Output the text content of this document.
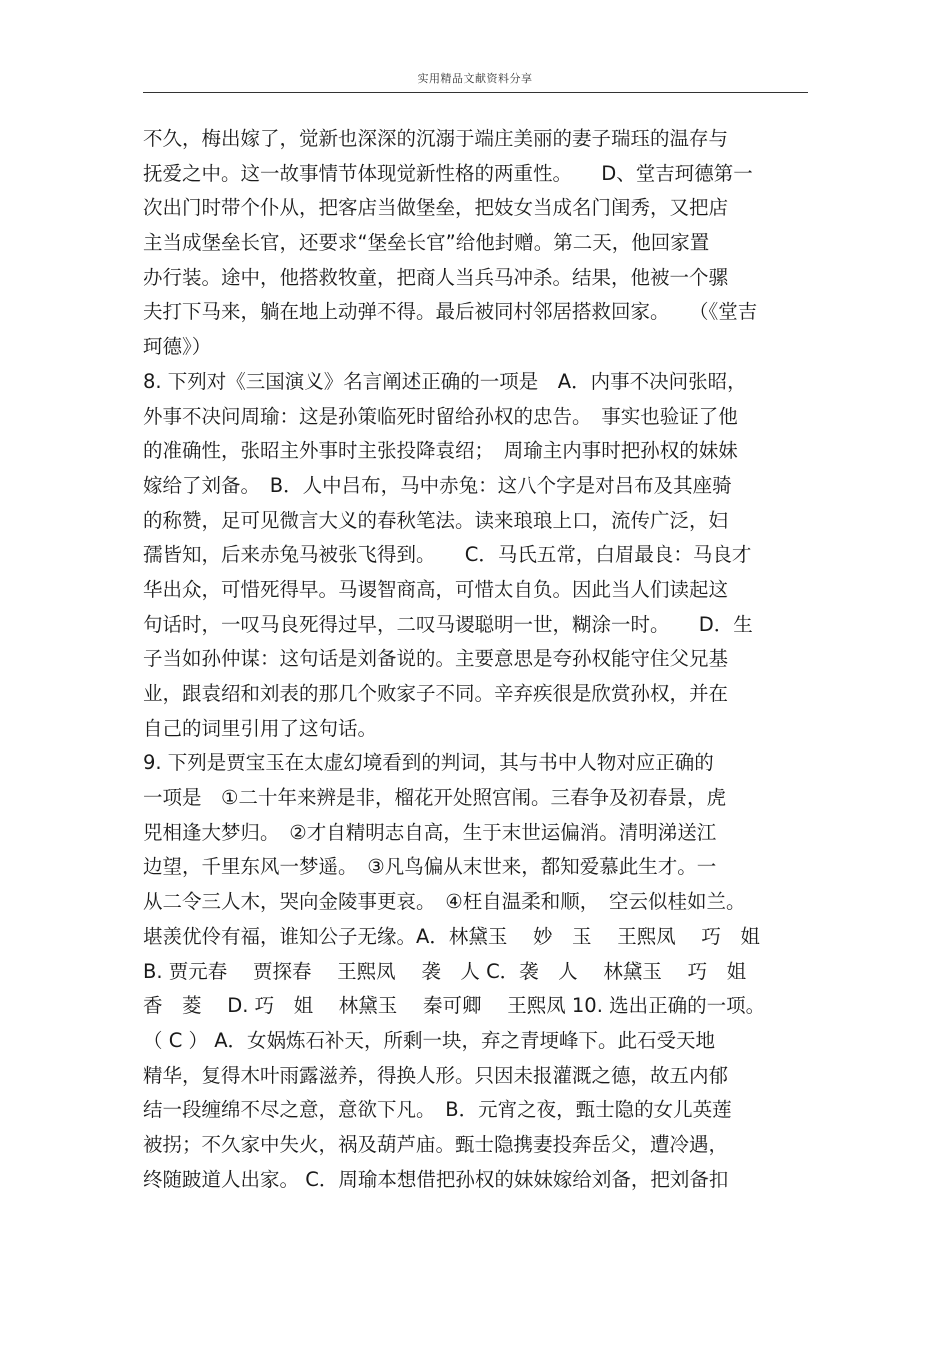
实用精品文献资料分享
不久，梅出嫁了，觉新也深深的沉溺于端庄美丽的妻子瑞珏的温存与
抚爱之中。这一故事情节体现觉新性格的两重性。　　D、堂吉珂德第一
次出门时带个仆从，把客店当做堡垒，把妓女当成名门闺秀，又把店
主当成堡垒长官，还要求“堡垒长官”给他封赠。第二天，他回家置
办行装。途中，他搭救牧童，把商人当兵马冲杀。结果，他被一个骡
夫打下马来，躺在地上动弹不得。最后被同村邻居搭救回家。　　（《堂吉
珂德》）
8. 下列对《三国演义》名言阐述正确的一项是　A．内事不决问张昭，
外事不决问周瑜：这是孙策临死时留给孙权的忠告。　事实也验证了他
的准确性，张昭主外事时主张投降袁绍；　周瑜主内事时把孙权的妹妹
嫁给了刘备。　B．人中吕布，马中赤兔：这八个字是对吕布及其座骑
的称赞，足可见微言大义的春秋笔法。读来琅琅上口，流传广泛，妇
孺皆知，后来赤兔马被张飞得到。　　C．马氏五常，白眉最良：马良才
华出众，可惜死得早。马谡智商高，可惜太自负。因此当人们读起这
句话时，一叹马良死得过早，二叹马谡聪明一世，糊涂一时。　　D．生
子当如孙仲谋：这句话是刘备说的。主要意思是夸孙权能守住父兄基
业，跟袁绍和刘表的那几个败家子不同。辛弃疾很是欣赏孙权，并在
自己的词里引用了这句话。
9. 下列是贾宝玉在太虚幻境看到的判词，其与书中人物对应正确的
一项是　①二十年来辨是非，榴花开处照宫闱。三春争及初春景，虎
兕相逢大梦归。　②才自精明志自高，生于末世运偏消。清明涕送江
边望，千里东风一梦遥。　③凡鸟偏从末世来，都知爱慕此生才。一
从二令三人木，哭向金陵事更哀。　④枉自温柔和顺，　空云似桂如兰。
堪羡优伶有福，谁知公子无缘。A．林黛玉　 妙　玉　 王熙凤　 巧　姐
B. 贾元春　 贾探春　 王熙凤　 袭　人 C．袭　人　 林黛玉　 巧　姐
香　菱　 D. 巧　姐　 林黛玉　 秦可卿　 王熙凤 10. 选出正确的一项。
（ C ） A．女娲炼石补天，所剩一块，弃之青埂峰下。此石受天地
精华，复得木叶雨露滋养，得换人形。只因未报灌溉之德，故五内郁
结一段缠绵不尽之意，意欲下凡。　B．元宵之夜，甄士隐的女儿英莲
被拐；不久家中失火，祸及葫芦庙。甄士隐携妻投奔岳父，遭冷遇，
终随跛道人出家。 C．周瑜本想借把孙权的妹妹嫁给刘备，把刘备扣
